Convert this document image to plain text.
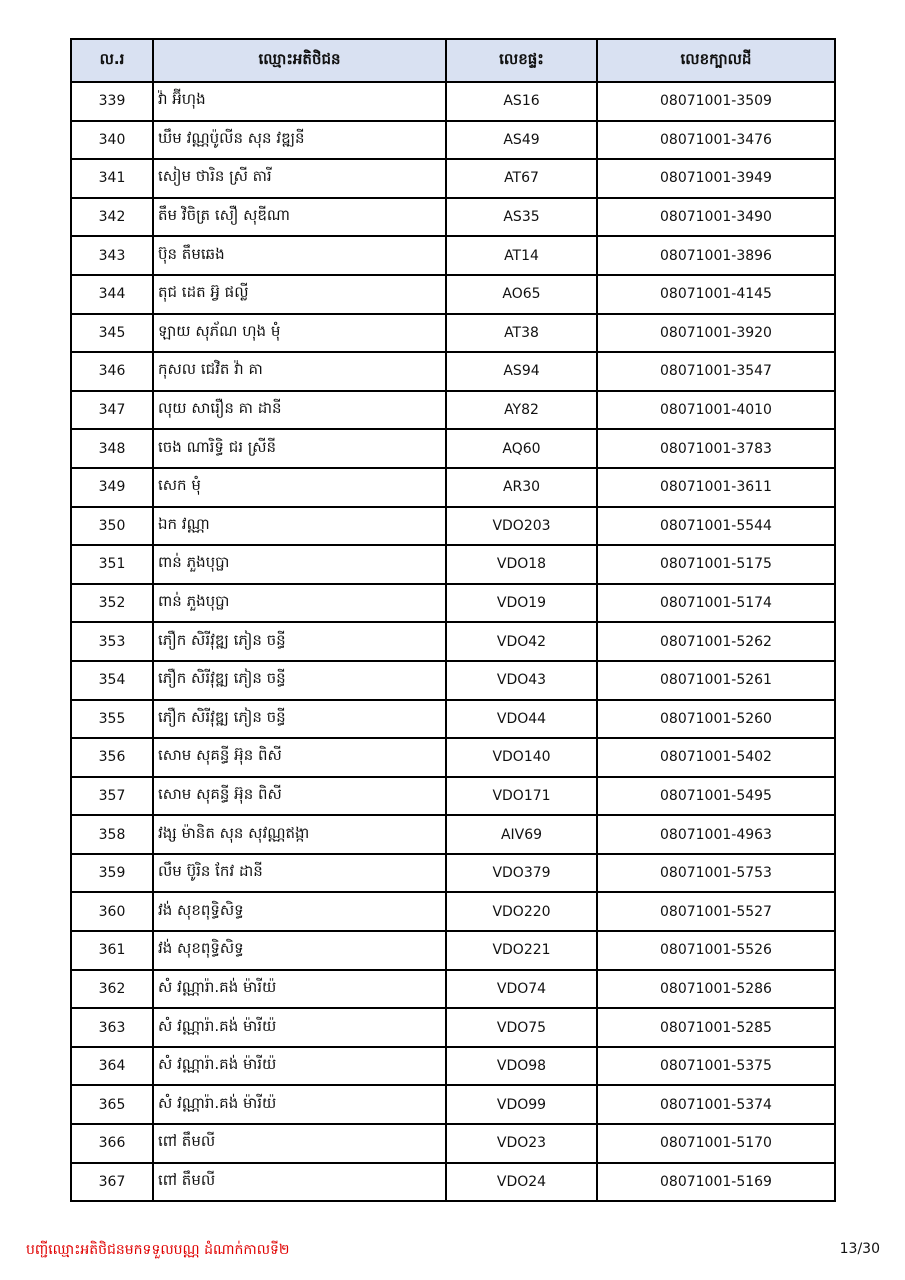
ល.រ	ឈ្មោះអតិថិជន	លេខផ្ទះ	លេខក្បាលដី
339	វ៉ា អ៊ីហុង	AS16	08071001-3509
340	ឃឹម វណ្ណប៉ូលីន សុន វឌ្ឍនី	AS49	08071001-3476
341	សៀម ថារិន ស្រី តារី	AT67	08071001-3949
342	តឹម វិចិត្រ សឿ សុឌីណា	AS35	08071001-3490
343	ប៊ុន តឹមឆេង	AT14	08071001-3896
344	តុជ ដេត អ៊្វ ផល្លី	AO65	08071001-4145
345	ឡាយ សុភ័ណ ហុង មុំ	AT38	08071001-3920
346	កុសល ជេវិត វ៉ា គា	AS94	08071001-3547
347	លុយ សារឿន គា ដានី	AY82	08071001-4010
348	ចេង ណារិទ្ធិ ជរ ស្រីនី	AQ60	08071001-3783
349	សេក មុំ	AR30	08071001-3611
350	ឯក វណ្ណា	VDO203	08071001-5544
351	ពាន់ ភួងបុប្ផា	VDO18	08071001-5175
352	ពាន់ ភួងបុប្ផា	VDO19	08071001-5174
353	ភឿក សិរីវុឌ្ឍ ភៀន ចន្ធី	VDO42	08071001-5262
354	ភឿក សិរីវុឌ្ឍ ភៀន ចន្ធី	VDO43	08071001-5261
355	ភឿក សិរីវុឌ្ឍ ភៀន ចន្ធី	VDO44	08071001-5260
356	សោម សុគន្ធី អ៊ុន ពិសី	VDO140	08071001-5402
357	សោម សុគន្ធី អ៊ុន ពិសី	VDO171	08071001-5495
358	វង្ស ម៉ានិត សុន សុវណ្ណឥង្កា	AIV69	08071001-4963
359	លឹម ប៊ូរិន កែវ ដានី	VDO379	08071001-5753
360	វង់ សុខពុទ្ធិសិទ្ធ	VDO220	08071001-5527
361	វង់ សុខពុទ្ធិសិទ្ធ	VDO221	08071001-5526
362	សំ វណ្ណារ៉ា.គង់ ម៉ារីយ៉	VDO74	08071001-5286
363	សំ វណ្ណារ៉ា.គង់ ម៉ារីយ៉	VDO75	08071001-5285
364	សំ វណ្ណារ៉ា.គង់ ម៉ារីយ៉	VDO98	08071001-5375
365	សំ វណ្ណារ៉ា.គង់ ម៉ារីយ៉	VDO99	08071001-5374
366	ពៅ តឹមលី	VDO23	08071001-5170
367	ពៅ តឹមលី	VDO24	08071001-5169
បញ្ជីឈ្មោះអតិថិជនមកទទួលបណ្ណ ដំណាក់កាលទី២	13/30
